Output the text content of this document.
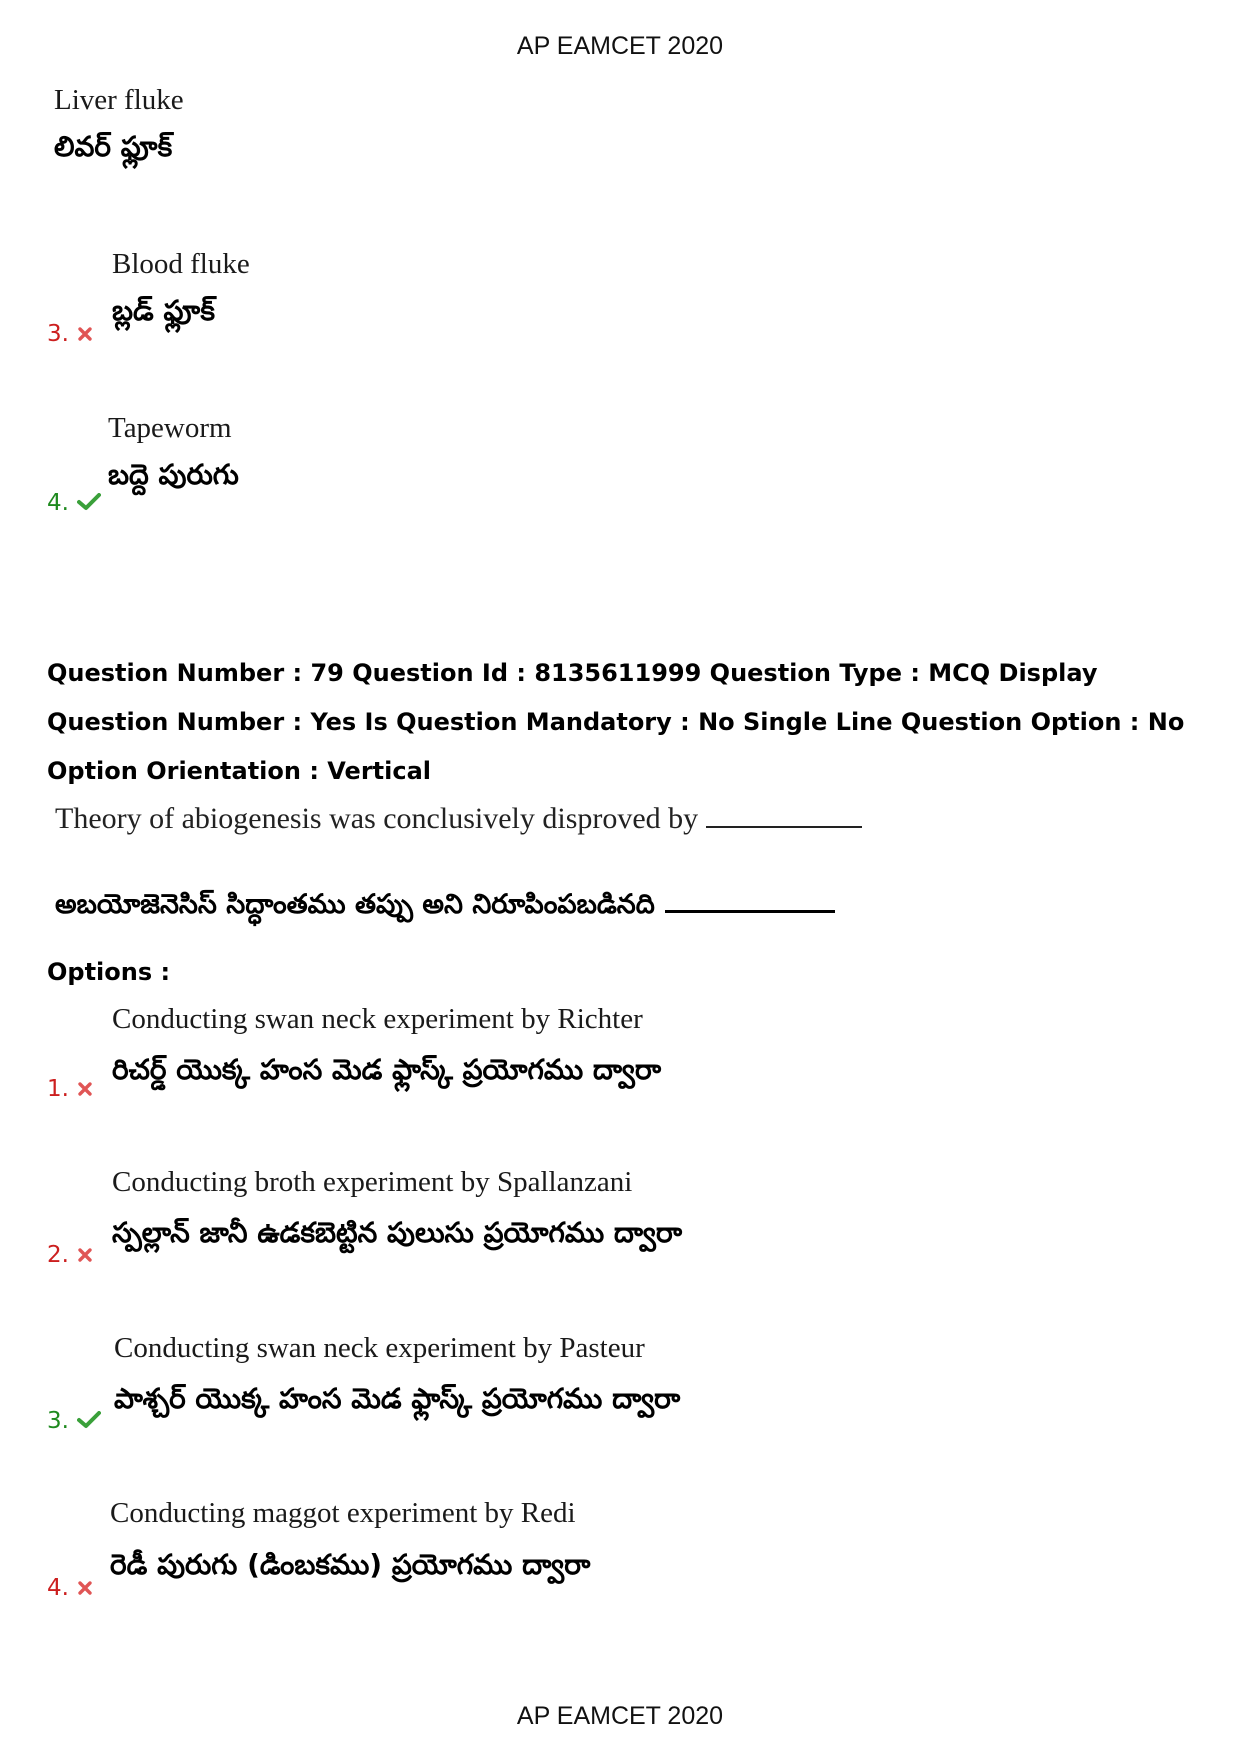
AP EAMCET 2020
Liver fluke
లివర్ ఫ్లూక్
Blood fluke
బ్లడ్ ఫ్లూక్
3.
Tapeworm
బద్దె పురుగు
4.
Question Number : 79 Question Id : 8135611999 Question Type : MCQ Display Question Number : Yes Is Question Mandatory : No Single Line Question Option : No Option Orientation : Vertical
Theory of abiogenesis was conclusively disproved by
అబయోజెనెసిస్ సిద్ధాంతము తప్పు అని నిరూపింపబడినది
Options :
Conducting swan neck experiment by Richter
రిచర్డ్ యొక్క హంస మెడ ఫ్లాస్క్ ప్రయోగము ద్వారా
1.
Conducting broth experiment by Spallanzani
స్పల్లాన్ జానీ ఉడకబెట్టిన పులుసు ప్రయోగము ద్వారా
2.
Conducting swan neck experiment by Pasteur
పాశ్చర్ యొక్క హంస మెడ ఫ్లాస్క్ ప్రయోగము ద్వారా
3.
Conducting maggot experiment by Redi
రెడీ పురుగు (డింబకము) ప్రయోగము ద్వారా
4.
AP EAMCET 2020
